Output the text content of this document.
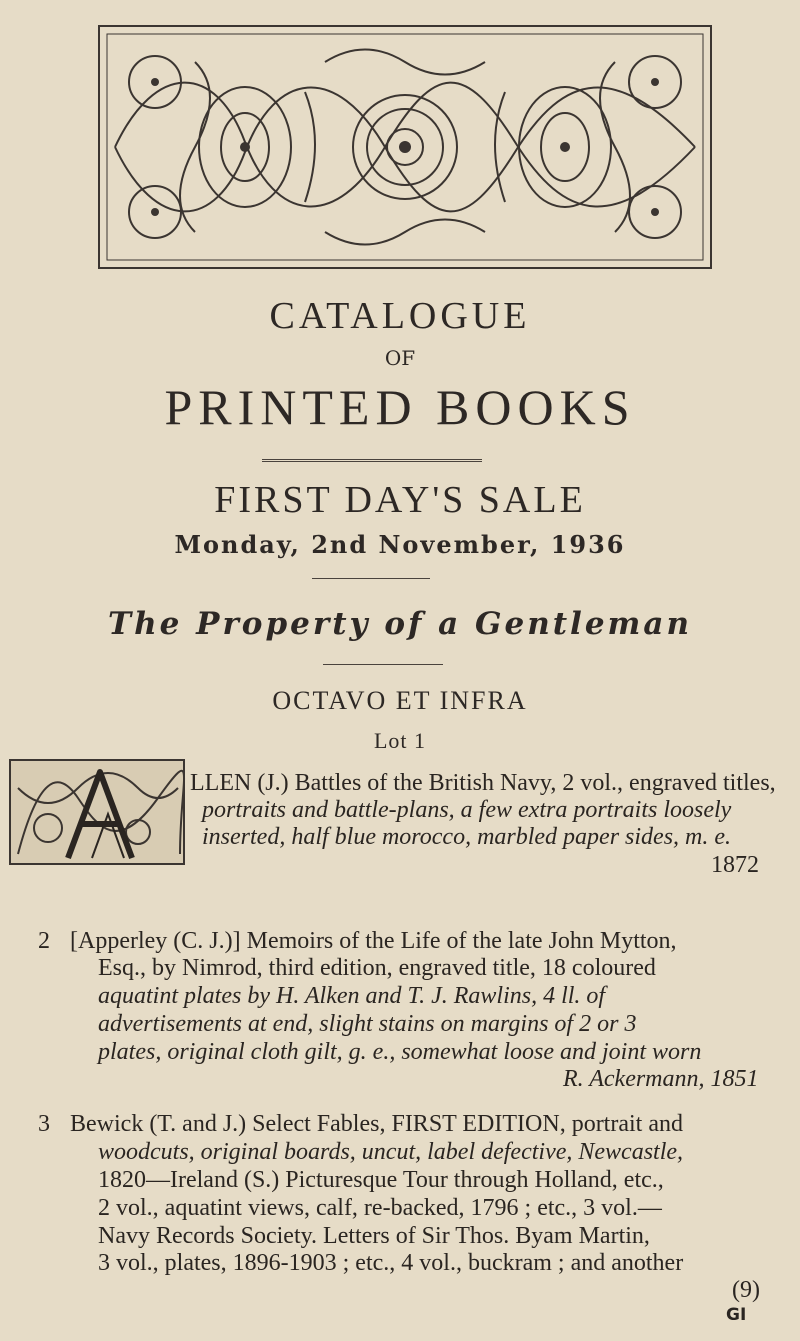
CATALOGUE
OF
PRINTED BOOKS
FIRST DAY'S SALE
Monday, 2nd November, 1936
The Property of a Gentleman
OCTAVO ET INFRA
Lot 1
LLEN (J.) Battles of the British Navy, 2 vol., engraved titles,
portraits and battle-plans, a few extra portraits loosely
inserted, half blue morocco, marbled paper sides, m. e.
1872
2 [Apperley (C. J.)] Memoirs of the Life of the late John Mytton,
Esq., by Nimrod, third edition, engraved title, 18 coloured
aquatint plates by H. Alken and T. J. Rawlins, 4 ll. of
advertisements at end, slight stains on margins of 2 or 3
plates, original cloth gilt, g. e., somewhat loose and joint worn
R. Ackermann, 1851
3 Bewick (T. and J.) Select Fables, FIRST EDITION, portrait and
woodcuts, original boards, uncut, label defective, Newcastle,
1820—Ireland (S.) Picturesque Tour through Holland, etc.,
2 vol., aquatint views, calf, re-backed, 1796 ; etc., 3 vol.—
Navy Records Society. Letters of Sir Thos. Byam Martin,
3 vol., plates, 1896-1903 ; etc., 4 vol., buckram ; and another
(9)
GI
